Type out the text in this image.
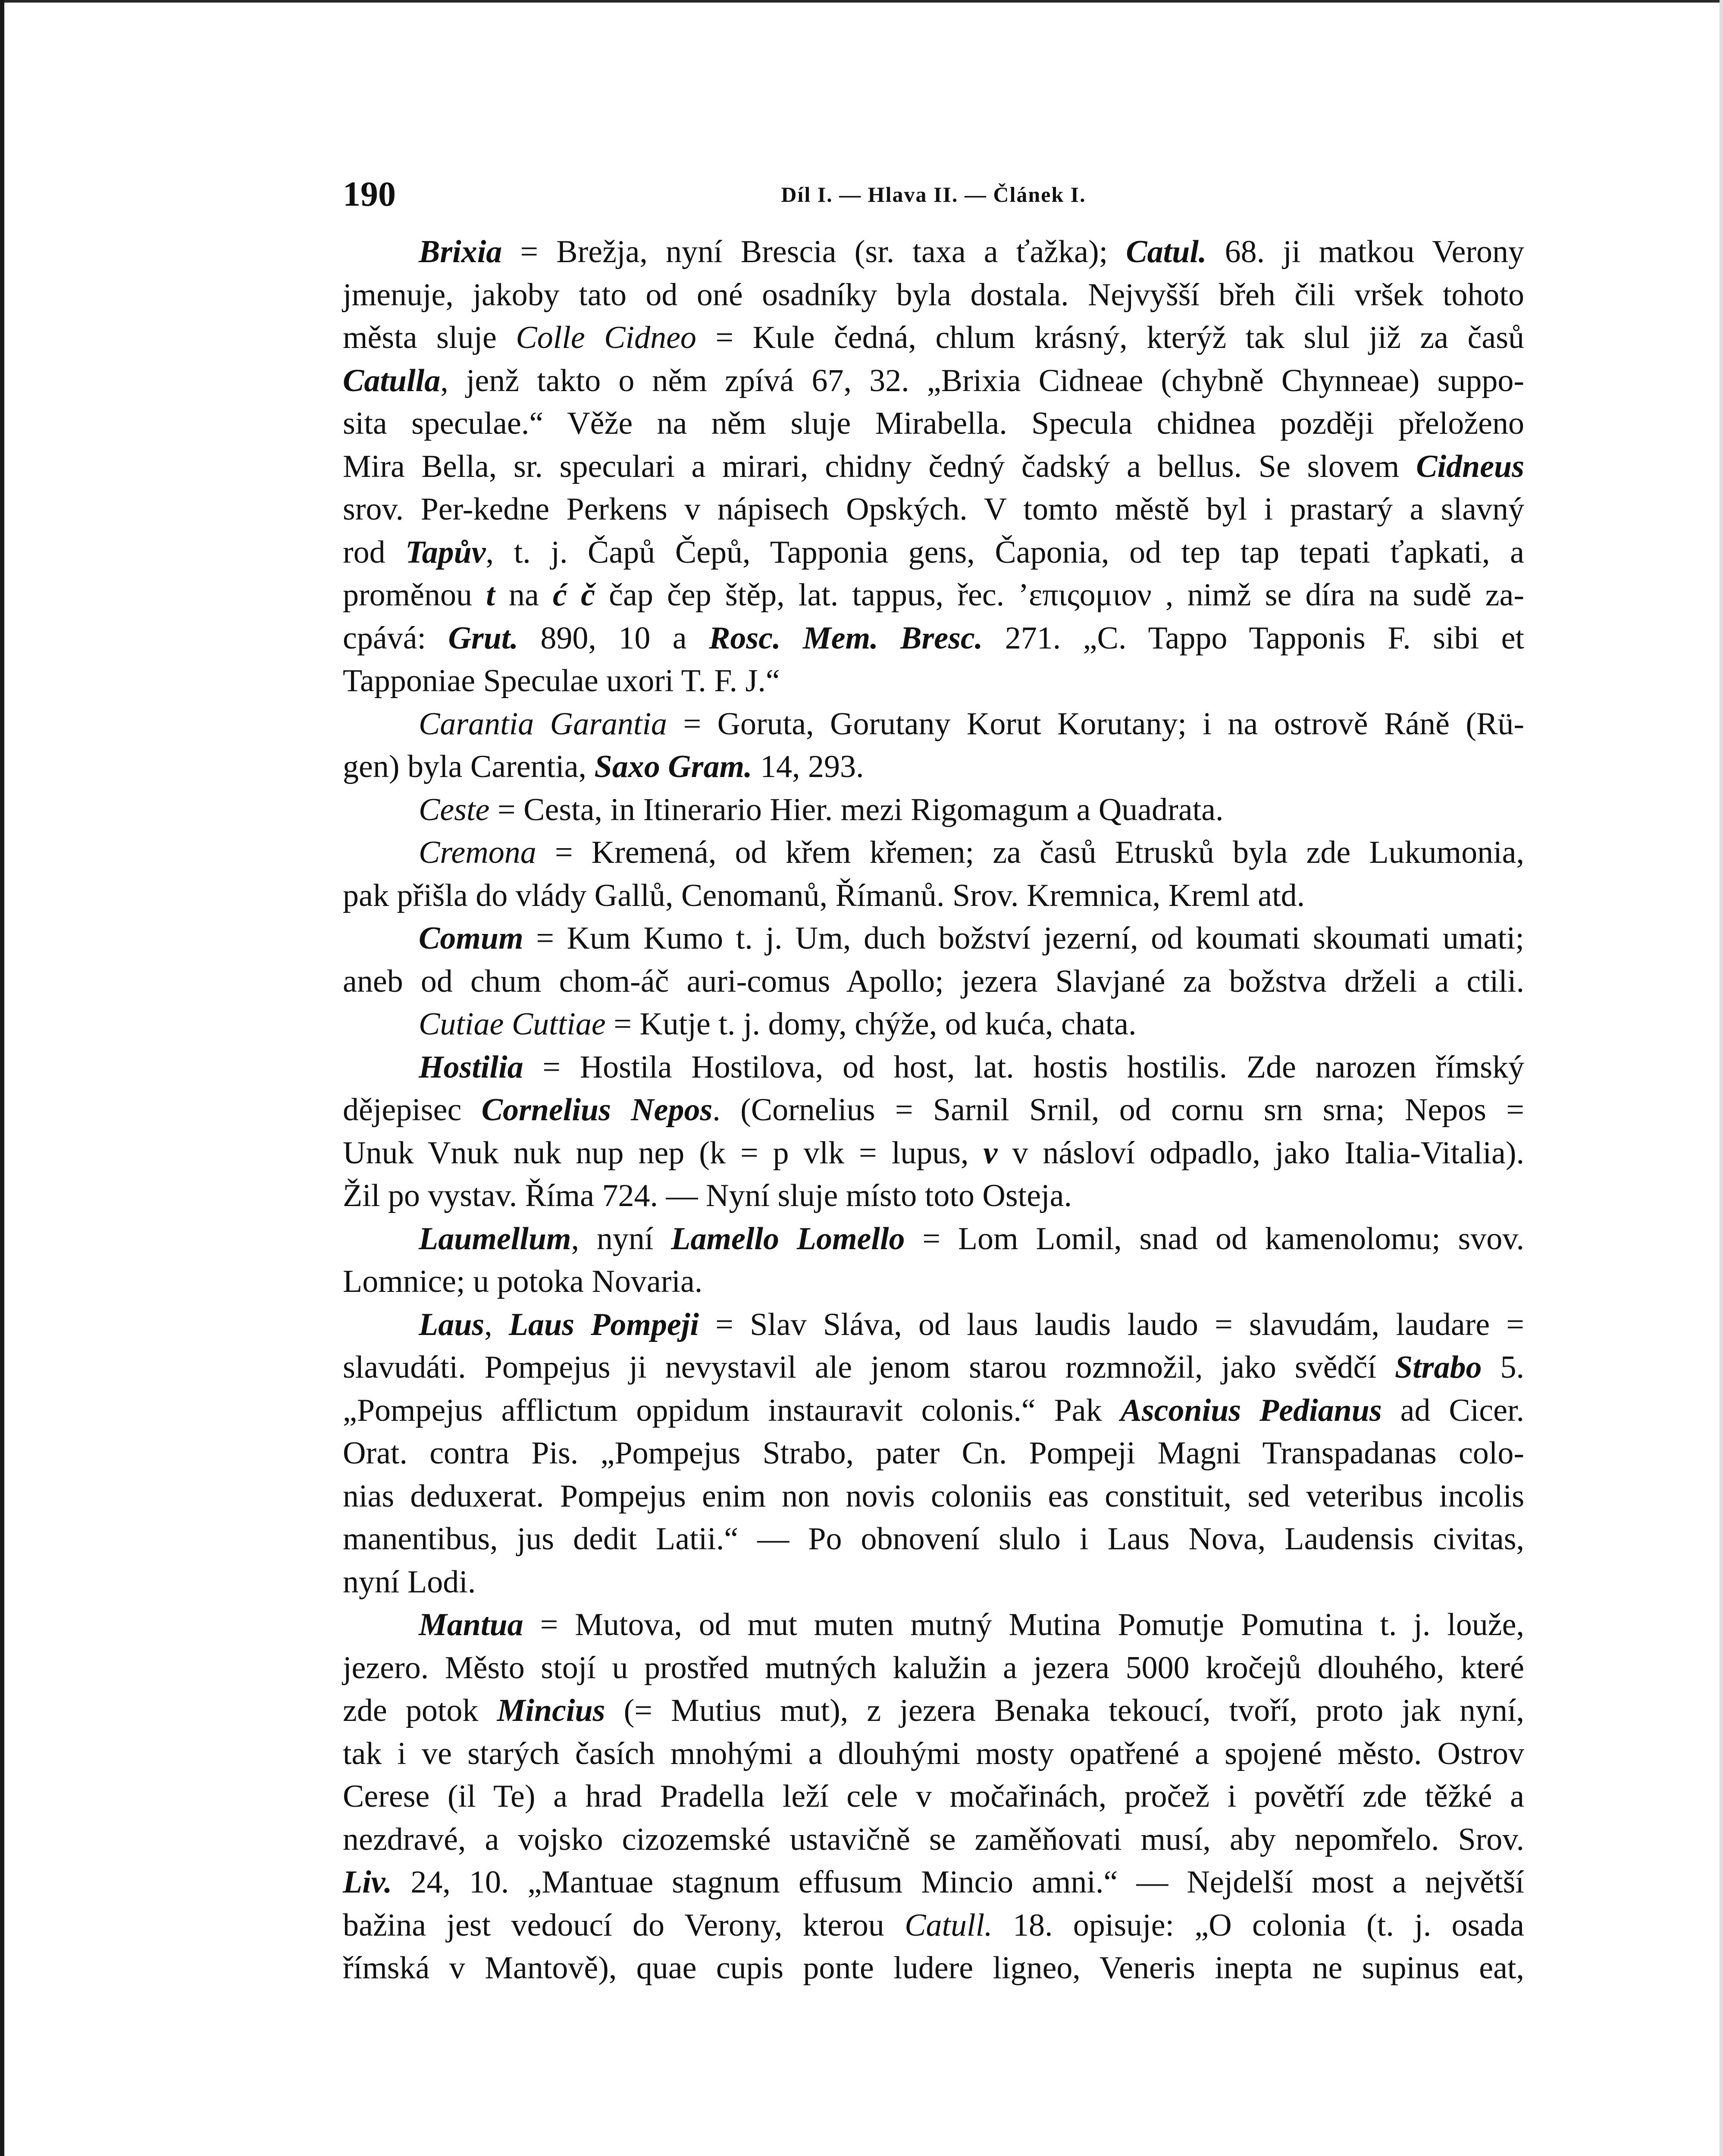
190	Díl I. — Hlava II. — Článek I.
Brixia = Brežja, nyní Brescia (sr. taxa a ťažka); Catul. 68. ji matkou Verony
jmenuje, jakoby tato od oné osadníky byla dostala. Nejvyšší břeh čili vršek tohoto
města sluje Colle Cidneo = Kule čedná, chlum krásný, kterýž tak slul již za časů
Catulla, jenž takto o něm zpívá 67, 32. „Brixia Cidneae (chybně Chynneae) suppo-
sita speculae.“ Věže na něm sluje Mirabella. Specula chidnea později přeloženo
Mira Bella, sr. speculari a mirari, chidny čedný čadský a bellus. Se slovem Cidneus
srov. Per-kedne Perkens v nápisech Opských. V tomto městě byl i prastarý a slavný
rod Tapův, t. j. Čapů Čepů, Tapponia gens, Čaponia, od tep tap tepati ťapkati, a
proměnou t na ć č čap čep štěp, lat. tappus, řec. ’επιςομιον , nimž se díra na sudě za-
cpává: Grut. 890, 10 a Rosc. Mem. Bresc. 271. „C. Tappo Tapponis F. sibi et
Tapponiae Speculae uxori T. F. J.“
Carantia Garantia = Goruta, Gorutany Korut Korutany; i na ostrově Ráně (Rü-
gen) byla Carentia, Saxo Gram. 14, 293.
Ceste = Cesta, in Itinerario Hier. mezi Rigomagum a Quadrata.
Cremona = Kremená, od křem křemen; za časů Etrusků byla zde Lukumonia,
pak přišla do vlády Gallů, Cenomanů, Římanů. Srov. Kremnica, Kreml atd.
Comum = Kum Kumo t. j. Um, duch božství jezerní, od koumati skoumati umati;
aneb od chum chom-áč auri-comus Apollo; jezera Slavjané za božstva drželi a ctili.
Cutiae Cuttiae = Kutje t. j. domy, chýže, od kuća, chata.
Hostilia = Hostila Hostilova, od host, lat. hostis hostilis. Zde narozen římský
dějepisec Cornelius Nepos. (Cornelius = Sarnil Srnil, od cornu srn srna; Nepos =
Unuk Vnuk nuk nup nep (k = p vlk = lupus, v v násloví odpadlo, jako Italia-Vitalia).
Žil po vystav. Říma 724. — Nyní sluje místo toto Osteja.
Laumellum, nyní Lamello Lomello = Lom Lomil, snad od kamenolomu; svov.
Lomnice; u potoka Novaria.
Laus, Laus Pompeji = Slav Sláva, od laus laudis laudo = slavudám, laudare =
slavudáti. Pompejus ji nevystavil ale jenom starou rozmnožil, jako svědčí Strabo 5.
„Pompejus afflictum oppidum instauravit colonis.“ Pak Asconius Pedianus ad Cicer.
Orat. contra Pis. „Pompejus Strabo, pater Cn. Pompeji Magni Transpadanas colo-
nias deduxerat. Pompejus enim non novis coloniis eas constituit, sed veteribus incolis
manentibus, jus dedit Latii.“ — Po obnovení slulo i Laus Nova, Laudensis civitas,
nyní Lodi.
Mantua = Mutova, od mut muten mutný Mutina Pomutje Pomutina t. j. louže,
jezero. Město stojí u prostřed mutných kalužin a jezera 5000 kročejů dlouhého, které
zde potok Mincius (= Mutius mut), z jezera Benaka tekoucí, tvoří, proto jak nyní,
tak i ve starých časích mnohými a dlouhými mosty opatřené a spojené město. Ostrov
Cerese (il Te) a hrad Pradella leží cele v močařinách, pročež i povětří zde těžké a
nezdravé, a vojsko cizozemské ustavičně se zaměňovati musí, aby nepomřelo. Srov.
Liv. 24, 10. „Mantuae stagnum effusum Mincio amni.“ — Nejdelší most a největší
bažina jest vedoucí do Verony, kterou Catull. 18. opisuje: „O colonia (t. j. osada
římská v Mantově), quae cupis ponte ludere ligneo, Veneris inepta ne supinus eat,
